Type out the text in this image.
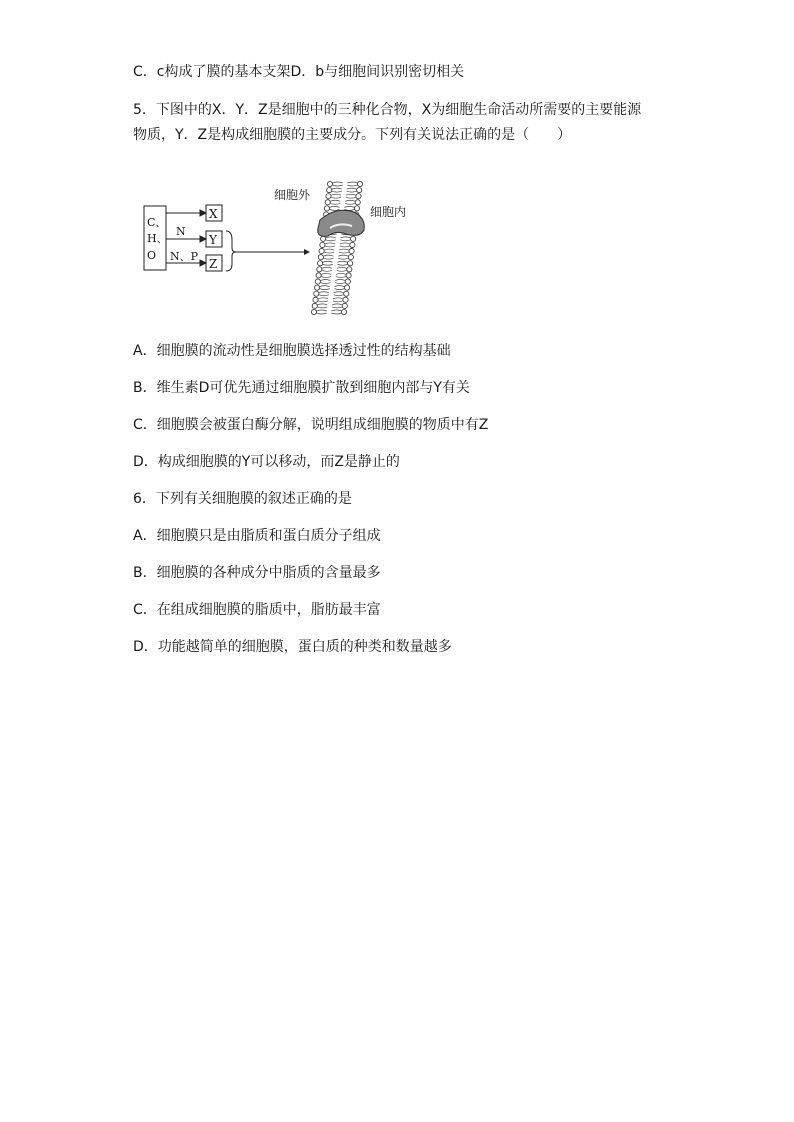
C．c构成了膜的基本支架D．b与细胞间识别密切相关
5．下图中的X．Y．Z是细胞中的三种化合物，X为细胞生命活动所需要的主要能源
物质，Y．Z是构成细胞膜的主要成分。下列有关说法正确的是（　　）
C、
H、
O
N
N、P
X
Y
Z
细胞外
细胞内
A．细胞膜的流动性是细胞膜选择透过性的结构基础
B．维生素D可优先通过细胞膜扩散到细胞内部与Y有关
C．细胞膜会被蛋白酶分解，说明组成细胞膜的物质中有Z
D．构成细胞膜的Y可以移动，而Z是静止的
6．下列有关细胞膜的叙述正确的是
A．细胞膜只是由脂质和蛋白质分子组成
B．细胞膜的各种成分中脂质的含量最多
C．在组成细胞膜的脂质中，脂肪最丰富
D．功能越简单的细胞膜，蛋白质的种类和数量越多
